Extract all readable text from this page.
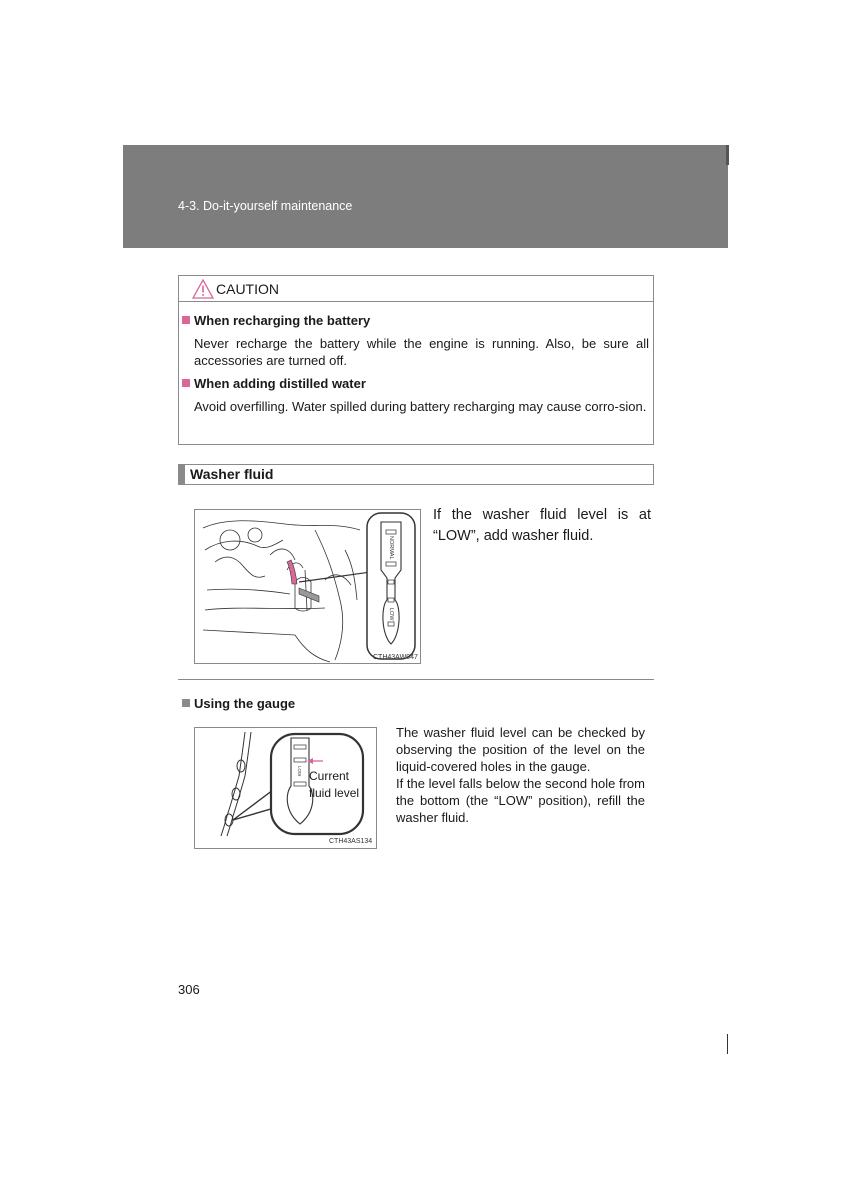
4-3. Do-it-yourself maintenance
CAUTION
When recharging the battery
Never recharge the battery while the engine is running. Also, be sure all accessories are turned off.
When adding distilled water
Avoid overfilling. Water spilled during battery recharging may cause corro-sion.
Washer fluid
NORMAL
LOW
CTH43AW047
If the washer fluid level is at “LOW”, add washer fluid.
Using the gauge
LOW Current
fluid level
CTH43AS134
The washer fluid level can be checked by observing the position of the level on the liquid-covered holes in the gauge.
If the level falls below the second hole from the bottom (the “LOW” position), refill the washer fluid.
306
